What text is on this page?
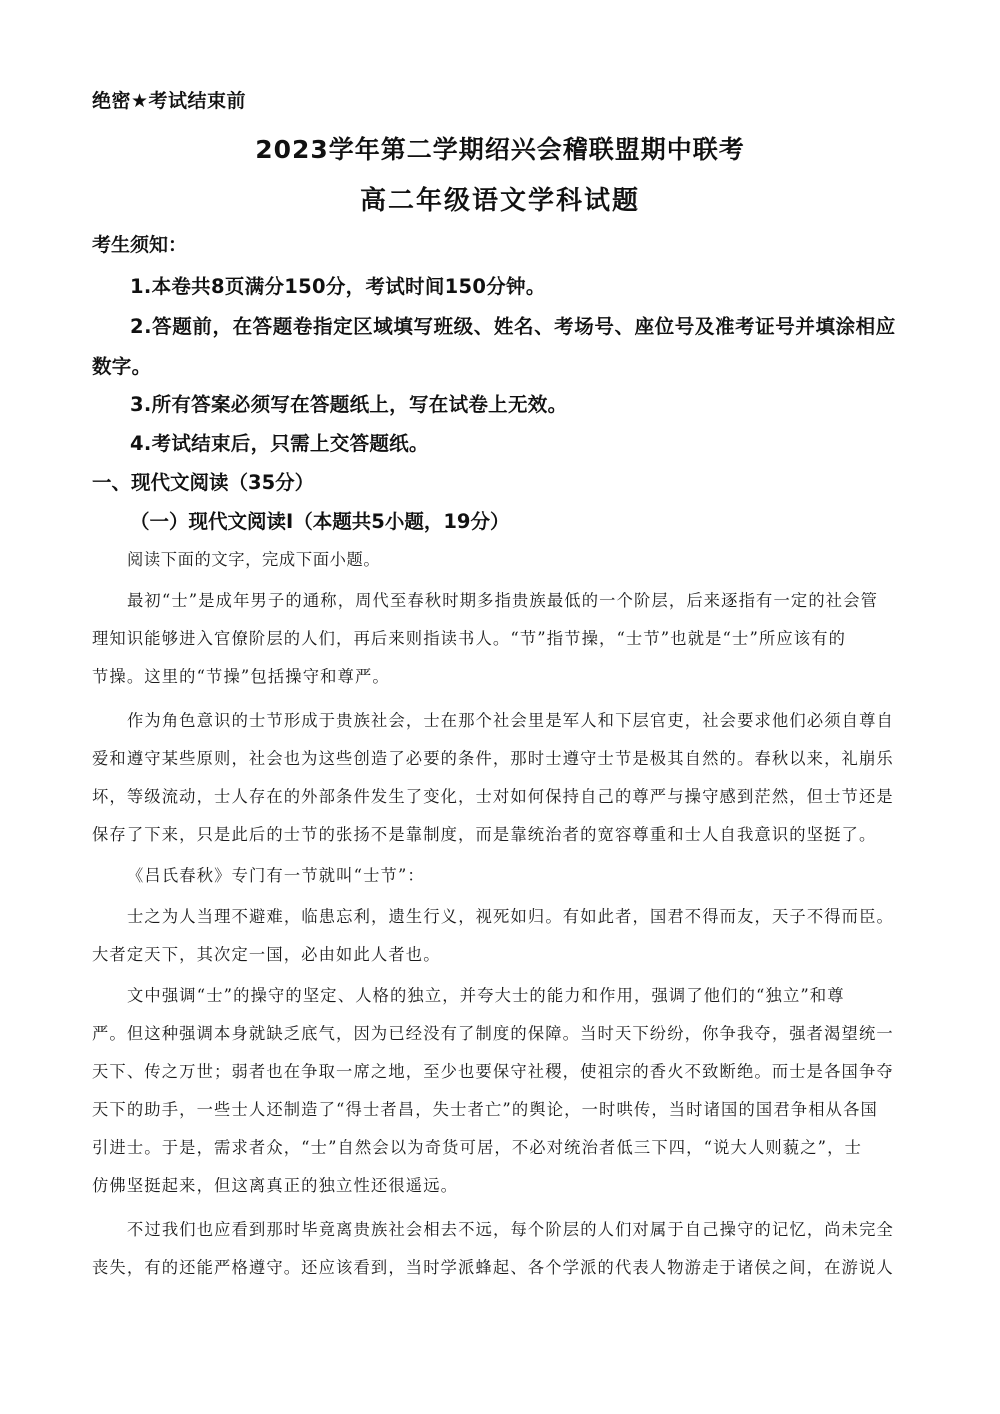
绝密★考试结束前
2023学年第二学期绍兴会稽联盟期中联考
高二年级语文学科试题
考生须知：
1.本卷共8页满分150分，考试时间150分钟。
2.答题前，在答题卷指定区域填写班级、姓名、考场号、座位号及准考证号并填涂相应
数字。
3.所有答案必须写在答题纸上，写在试卷上无效。
4.考试结束后，只需上交答题纸。
一、现代文阅读（35分）
（一）现代文阅读Ⅰ（本题共5小题，19分）
阅读下面的文字，完成下面小题。
最初“士”是成年男子的通称，周代至春秋时期多指贵族最低的一个阶层，后来逐指有一定的社会管
理知识能够进入官僚阶层的人们，再后来则指读书人。“节”指节操，“士节”也就是“士”所应该有的
节操。这里的“节操”包括操守和尊严。
作为角色意识的士节形成于贵族社会，士在那个社会里是军人和下层官吏，社会要求他们必须自尊自
爱和遵守某些原则，社会也为这些创造了必要的条件，那时士遵守士节是极其自然的。春秋以来，礼崩乐
坏，等级流动，士人存在的外部条件发生了变化，士对如何保持自己的尊严与操守感到茫然，但士节还是
保存了下来，只是此后的士节的张扬不是靠制度，而是靠统治者的宽容尊重和士人自我意识的坚挺了。
《吕氏春秋》专门有一节就叫“士节”：
士之为人当理不避难，临患忘利，遗生行义，视死如归。有如此者，国君不得而友，天子不得而臣。
大者定天下，其次定一国，必由如此人者也。
文中强调“士”的操守的坚定、人格的独立，并夸大士的能力和作用，强调了他们的“独立”和尊
严。但这种强调本身就缺乏底气，因为已经没有了制度的保障。当时天下纷纷，你争我夺，强者渴望统一
天下、传之万世；弱者也在争取一席之地，至少也要保守社稷，使祖宗的香火不致断绝。而士是各国争夺
天下的助手，一些士人还制造了“得士者昌，失士者亡”的舆论，一时哄传，当时诸国的国君争相从各国
引进士。于是，需求者众，“士”自然会以为奇货可居，不必对统治者低三下四，“说大人则藐之”，士
仿佛坚挺起来，但这离真正的独立性还很遥远。
不过我们也应看到那时毕竟离贵族社会相去不远，每个阶层的人们对属于自己操守的记忆，尚未完全
丧失，有的还能严格遵守。还应该看到，当时学派蜂起、各个学派的代表人物游走于诸侯之间，在游说人
